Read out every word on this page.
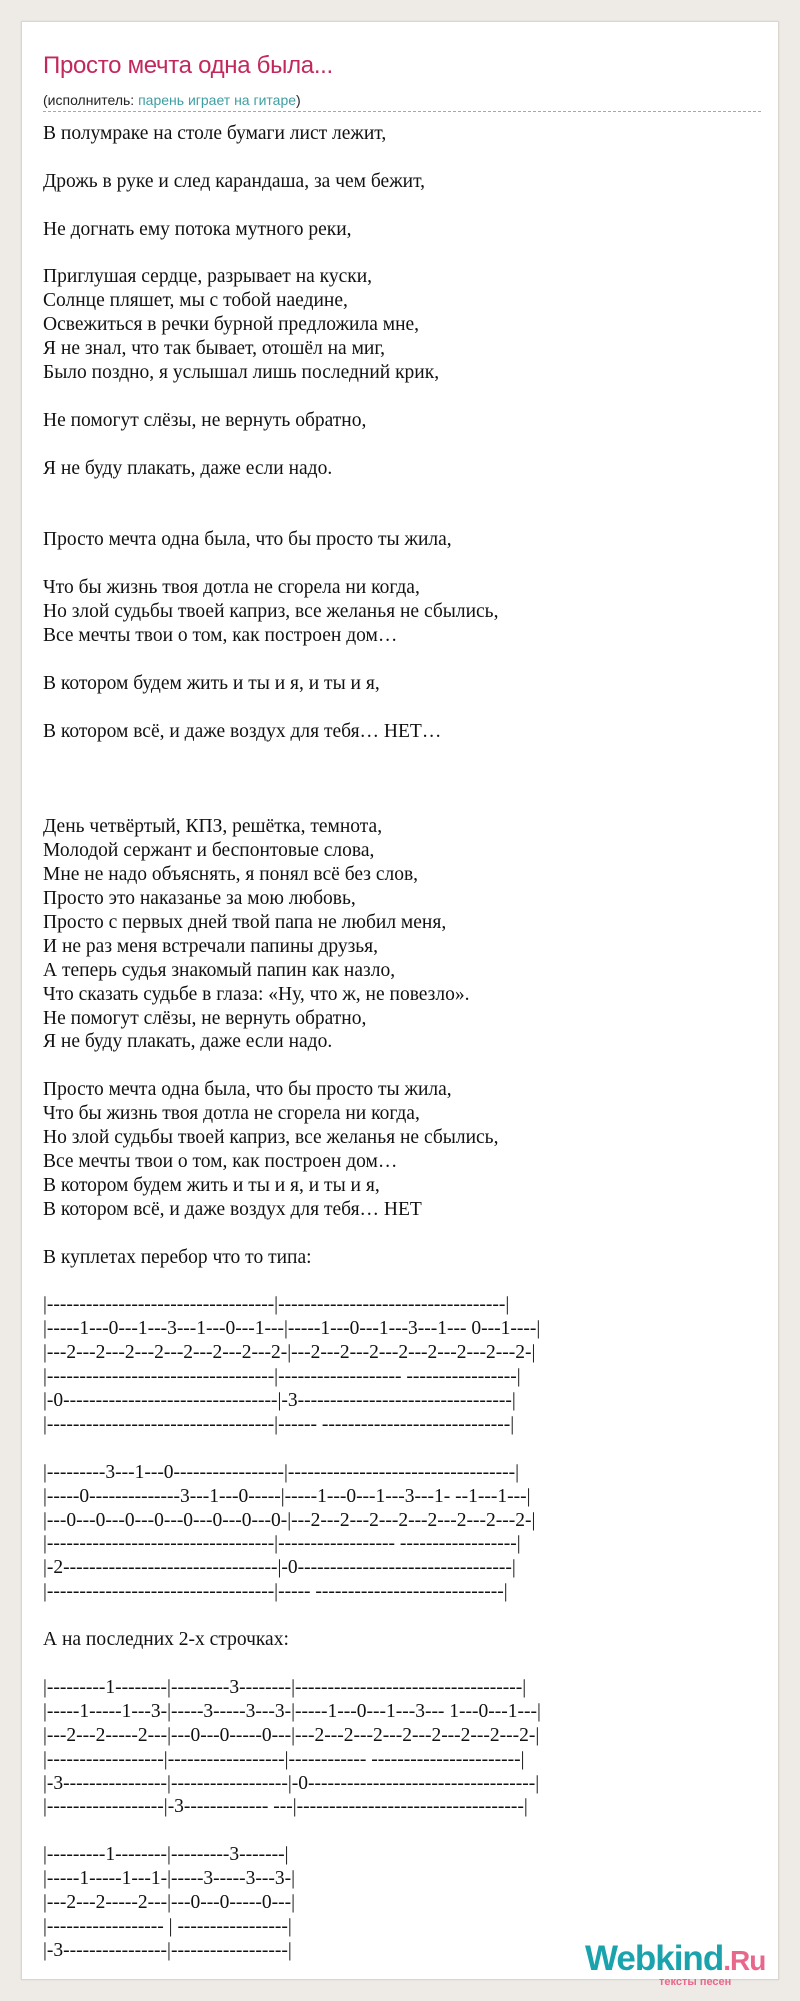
Просто мечта одна была...
(исполнитель: парень играет на гитаре)
В полумраке на столе бумаги лист лежит,

Дрожь в руке и след карандаша, за чем бежит,

Не догнать ему потока мутного реки,

Приглушая сердце, разрывает на куски,
Солнце пляшет, мы с тобой наедине,
Освежиться в речки бурной предложила мне,
Я не знал, что так бывает, отошёл на миг,
Было поздно, я услышал лишь последний крик,

Не помогут слёзы, не вернуть обратно,

Я не буду плакать, даже если надо.

Просто мечта одна была, что бы просто ты жила,

Что бы жизнь твоя дотла не сгорела ни когда,
Но злой судьбы твоей каприз, все желанья не сбылись,
Все мечты твои о том, как построен дом…

В котором будем жить и ты и я, и ты и я,

В котором всё, и даже воздух для тебя… НЕТ…

День четвёртый, КПЗ, решётка, темнота,
Молодой сержант и беспонтовые слова,
Мне не надо объяснять, я понял всё без слов,
Просто это наказанье за мою любовь,
Просто с первых дней твой папа не любил меня,
И не раз меня встречали папины друзья,
А теперь судья знакомый папин как назло,
Что сказать судьбе в глаза: «Ну, что ж, не повезло».
Не помогут слёзы, не вернуть обратно,
Я не буду плакать, даже если надо.

Просто мечта одна была, что бы просто ты жила,
Что бы жизнь твоя дотла не сгорела ни когда,
Но злой судьбы твоей каприз, все желанья не сбылись,
Все мечты твои о том, как построен дом…
В котором будем жить и ты и я, и ты и я,
В котором всё, и даже воздух для тебя… НЕТ

В куплетах перебор что то типа:

|-----------------------------------|-----------------------------------|
|-----1---0---1---3---1---0---1---|-----1---0---1---3---1--- 0---1----|
|---2---2---2---2---2---2---2---2-|---2---2---2---2---2---2---2---2-|
|-----------------------------------|------------------- -----------------|
|-0---------------------------------|-3---------------------------------|
|-----------------------------------|------ -----------------------------|

|---------3---1---0-----------------|-----------------------------------|
|-----0--------------3---1---0-----|-----1---0---1---3---1- --1---1---|
|---0---0---0---0---0---0---0---0-|---2---2---2---2---2---2---2---2-|
|-----------------------------------|------------------ ------------------|
|-2---------------------------------|-0---------------------------------|
|-----------------------------------|----- -----------------------------|

А на последних 2-х строчках:

|---------1--------|---------3--------|-----------------------------------|
|-----1-----1---3-|-----3-----3---3-|-----1---0---1---3--- 1---0---1---|
|---2---2-----2---|---0---0-----0---|---2---2---2---2---2---2---2---2-|
|------------------|------------------|------------ -----------------------|
|-3----------------|------------------|-0-----------------------------------|
|------------------|-3------------- ---|-----------------------------------|

|---------1--------|---------3-------|
|-----1-----1---1-|-----3-----3---3-|
|---2---2-----2---|---0---0-----0---|
|------------------ | -----------------|
|-3----------------|------------------|	Webkind.Ru
тексты песен
